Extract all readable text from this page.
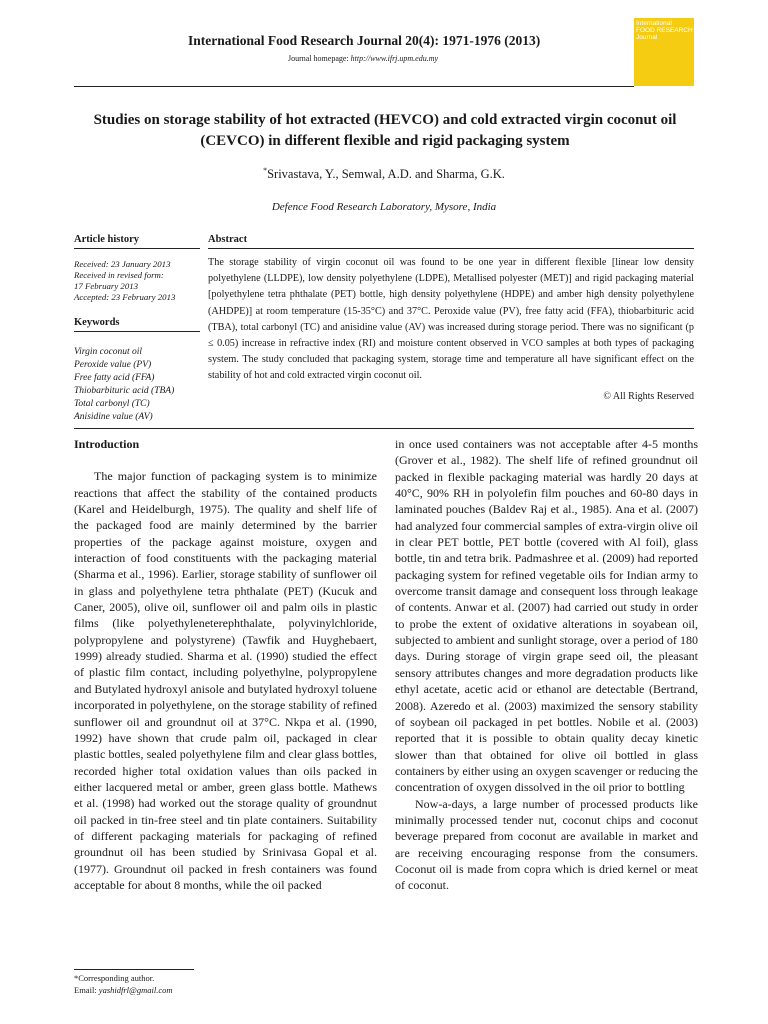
International Food Research Journal 20(4): 1971-1976 (2013)
Journal homepage: http://www.ifrj.upm.edu.my
International
FOOD RESEARCH
Journal
Studies on storage stability of hot extracted (HEVCO) and cold extracted virgin coconut oil (CEVCO) in different flexible and rigid packaging system
*Srivastava, Y., Semwal, A.D. and Sharma, G.K.
Defence Food Research Laboratory, Mysore, India
Article history
Received: 23 January 2013
Received in revised form:
17 February 2013
Accepted: 23 February 2013
Keywords
Virgin coconut oil
Peroxide value (PV)
Free fatty acid (FFA)
Thiobarbituric acid (TBA)
Total carbonyl (TC)
Anisidine value (AV)
Abstract
The storage stability of virgin coconut oil was found to be one year in different flexible [linear low density polyethylene (LLDPE), low density polyethylene (LDPE), Metallised polyester (MET)] and rigid packaging material [polyethylene tetra phthalate (PET) bottle, high density polyethylene (HDPE) and amber high density polyethylene (AHDPE)] at room temperature (15-35°C) and 37°C. Peroxide value (PV), free fatty acid (FFA), thiobarbituric acid (TBA), total carbonyl (TC) and anisidine value (AV) was increased during storage period. There was no significant (p ≤ 0.05) increase in refractive index (RI) and moisture content observed in VCO samples at both types of packaging system. The study concluded that packaging system, storage time and temperature all have significant effect on the stability of hot and cold extracted virgin coconut oil.
© All Rights Reserved
Introduction

The major function of packaging system is to minimize reactions that affect the stability of the contained products (Karel and Heidelburgh, 1975). The quality and shelf life of the packaged food are mainly determined by the barrier properties of the package against moisture, oxygen and interaction of food constituents with the packaging material (Sharma et al., 1996). Earlier, storage stability of sunflower oil in glass and polyethylene tetra phthalate (PET) (Kucuk and Caner, 2005), olive oil, sunflower oil and palm oils in plastic films (like polyethyleneterephthalate, polyvinylchloride, polypropylene and polystyrene) (Tawfik and Huyghebaert, 1999) already studied. Sharma et al. (1990) studied the effect of plastic film contact, including polyethylne, polypropylene and Butylated hydroxyl anisole and butylated hydroxyl toluene incorporated in polyethylene, on the storage stability of refined sunflower oil and groundnut oil at 37°C. Nkpa et al. (1990, 1992) have shown that crude palm oil, packaged in clear plastic bottles, sealed polyethylene film and clear glass bottles, recorded higher total oxidation values than oils packed in either lacquered metal or amber, green glass bottle. Mathews et al. (1998) had worked out the storage quality of groundnut oil packed in tin-free steel and tin plate containers. Suitability of different packaging materials for packaging of refined groundnut oil has been studied by Srinivasa Gopal et al. (1977). Groundnut oil packed in fresh containers was found acceptable for about 8 months, while the oil packed

in once used containers was not acceptable after 4-5 months (Grover et al., 1982). The shelf life of refined groundnut oil packed in flexible packaging material was hardly 20 days at 40°C, 90% RH in polyolefin film pouches and 60-80 days in laminated pouches (Baldev Raj et al., 1985). Ana et al. (2007) had analyzed four commercial samples of extra-virgin olive oil in clear PET bottle, PET bottle (covered with Al foil), glass bottle, tin and tetra brik. Padmashree et al. (2009) had reported packaging system for refined vegetable oils for Indian army to overcome transit damage and consequent loss through leakage of contents. Anwar et al. (2007) had carried out study in order to probe the extent of oxidative alterations in soyabean oil, subjected to ambient and sunlight storage, over a period of 180 days. During storage of virgin grape seed oil, the pleasant sensory attributes changes and more degradation products like ethyl acetate, acetic acid or ethanol are detectable (Bertrand, 2008). Azeredo et al. (2003) maximized the sensory stability of soybean oil packaged in pet bottles. Nobile et al. (2003) reported that it is possible to obtain quality decay kinetic slower than that obtained for olive oil bottled in glass containers by either using an oxygen scavenger or reducing the concentration of oxygen dissolved in the oil prior to bottling

Now-a-days, a large number of processed products like minimally processed tender nut, coconut chips and coconut beverage prepared from coconut are available in market and are receiving encouraging response from the consumers. Coconut oil is made from copra which is dried kernel or meat of coconut.

*Corresponding author.
Email: yashidfrl@gmail.com
